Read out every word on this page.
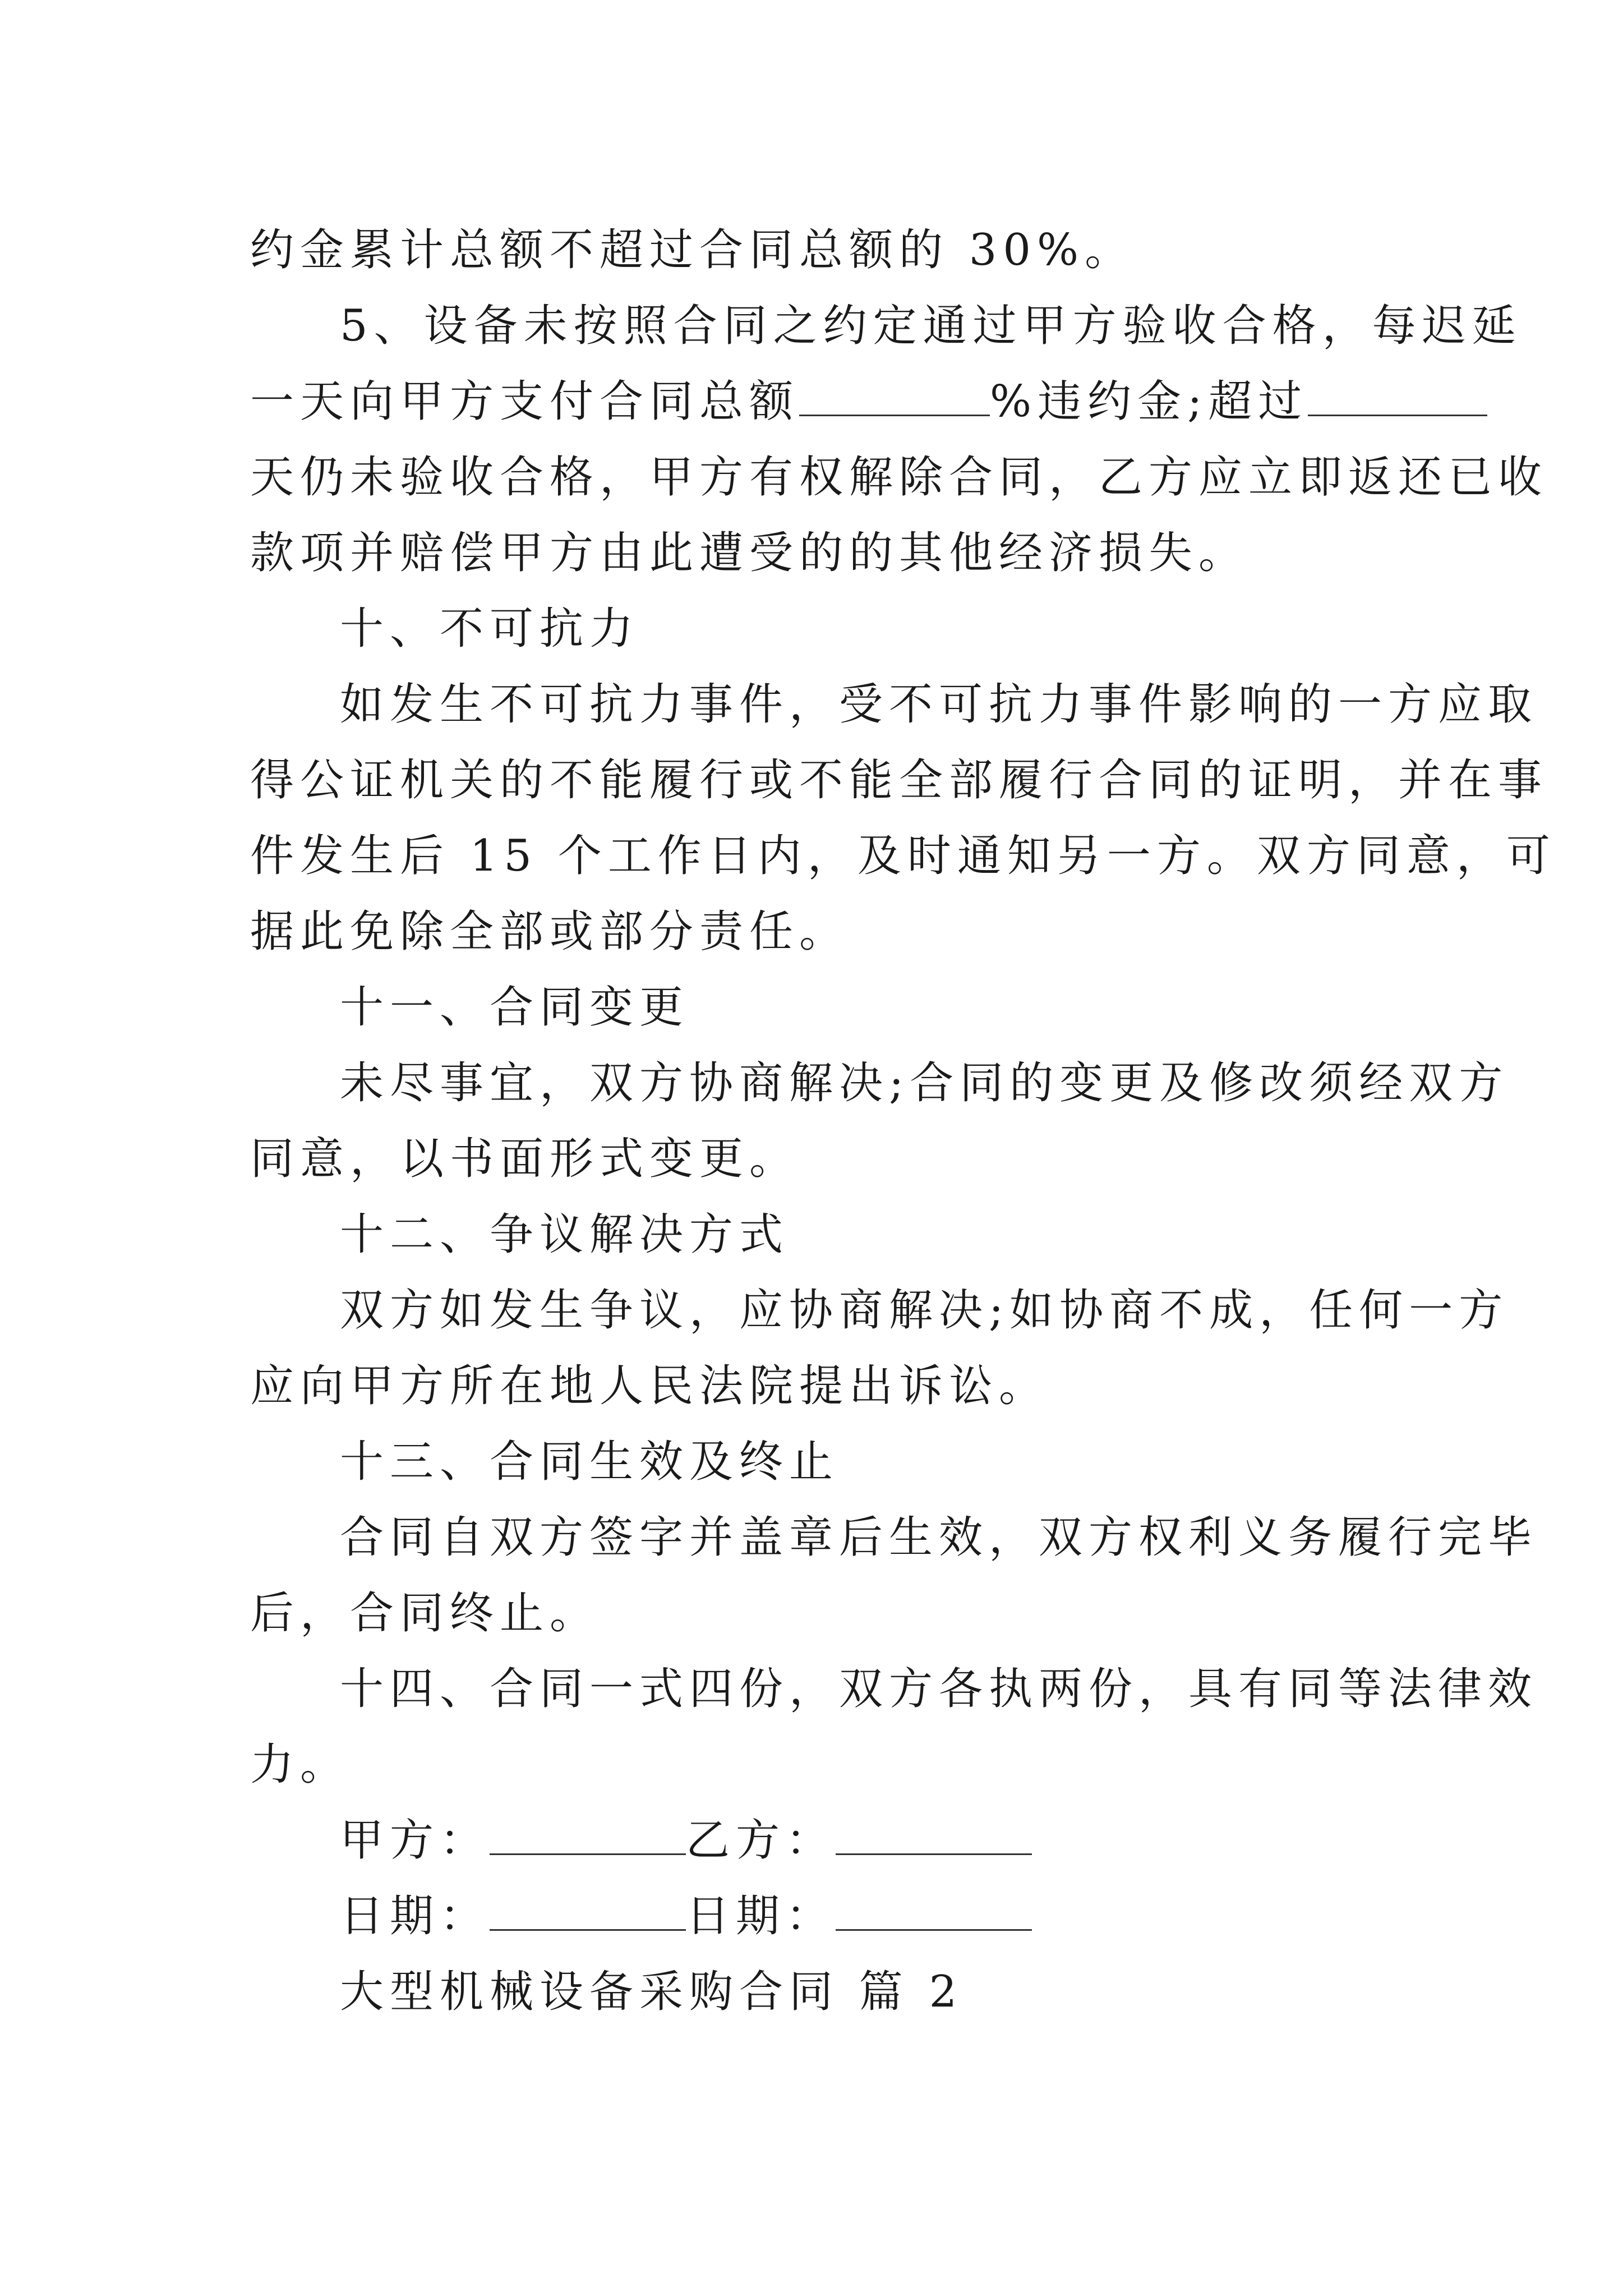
约金累计总额不超过合同总额的 30%。
5、设备未按照合同之约定通过甲方验收合格，每迟延
一天向甲方支付合同总额	%违约金;超过
天仍未验收合格，甲方有权解除合同，乙方应立即返还已收
款项并赔偿甲方由此遭受的的其他经济损失。
十、不可抗力
如发生不可抗力事件，受不可抗力事件影响的一方应取
得公证机关的不能履行或不能全部履行合同的证明，并在事
件发生后 15 个工作日内，及时通知另一方。双方同意，可
据此免除全部或部分责任。
十一、合同变更
未尽事宜，双方协商解决;合同的变更及修改须经双方
同意，以书面形式变更。
十二、争议解决方式
双方如发生争议，应协商解决;如协商不成，任何一方
应向甲方所在地人民法院提出诉讼。
十三、合同生效及终止
合同自双方签字并盖章后生效，双方权利义务履行完毕
后，合同终止。
十四、合同一式四份，双方各执两份，具有同等法律效
力。
甲方：	乙方：
日期：	日期：
大型机械设备采购合同 篇 2
